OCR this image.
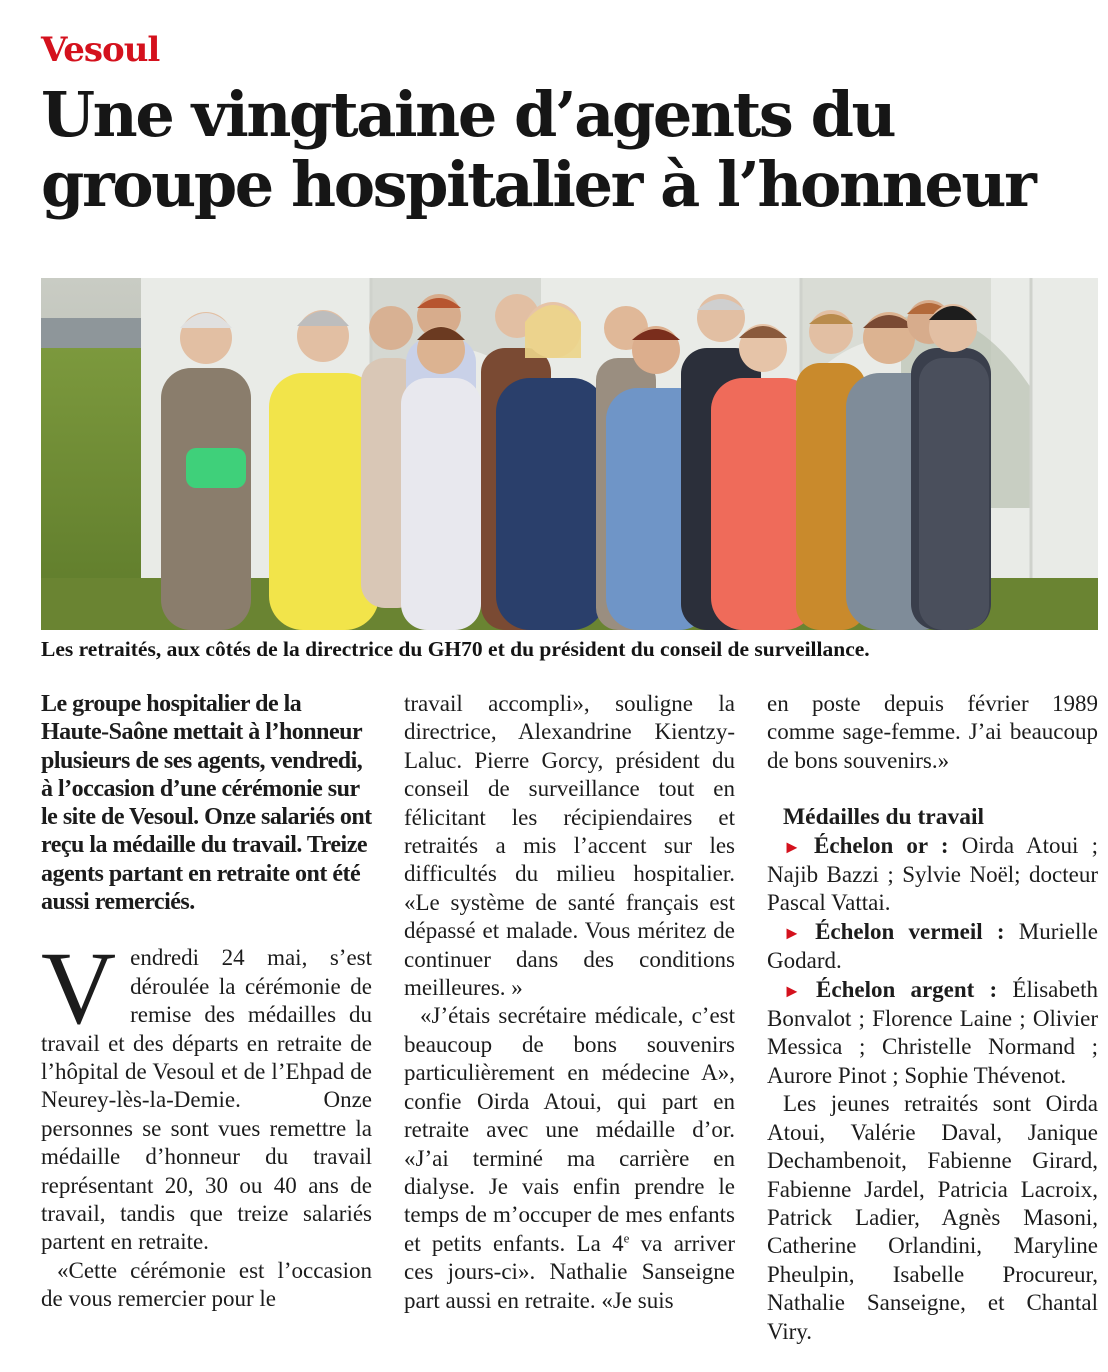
Vesoul
Une vingtaine d’agents du groupe hospitalier à l’honneur
Les retraités, aux côtés de la directrice du GH70 et du président du conseil de surveillance.

Le groupe hospitalier de la Haute-Saône mettait à l’honneur plusieurs de ses agents, vendredi, à l’occasion d’une cérémonie sur le site de Vesoul. Onze salariés ont reçu la médaille du travail. Treize agents partant en retraite ont été aussi remerciés.

Vendredi 24 mai, s’est déroulée la cérémonie de remise des médailles du travail et des départs en retraite de l’hôpital de Vesoul et de l’Ehpad de Neurey-lès-la-Demie. Onze personnes se sont vues remettre la médaille d’honneur du travail représentant 20, 30 ou 40 ans de travail, tandis que treize salariés partent en retraite.

«Cette cérémonie est l’occasion de vous remercier pour le

travail accompli», souligne la directrice, Alexandrine Kientzy-Laluc. Pierre Gorcy, président du conseil de surveillance tout en félicitant les récipiendaires et retraités a mis l’accent sur les difficultés du milieu hospitalier. «Le système de santé français est dépassé et malade. Vous méritez de continuer dans des conditions meilleures. »

«J’étais secrétaire médicale, c’est beaucoup de bons souvenirs particulièrement en médecine A», confie Oirda Atoui, qui part en retraite avec une médaille d’or. «J’ai terminé ma carrière en dialyse. Je vais enfin prendre le temps de m’occuper de mes enfants et petits enfants. La 4e va arriver ces jours-ci». Nathalie Sanseigne part aussi en retraite. «Je suis

en poste depuis février 1989 comme sage-femme. J’ai beaucoup de bons souvenirs.»

Médailles du travail

► Échelon or : Oirda Atoui ; Najib Bazzi ; Sylvie Noël; docteur Pascal Vattai.

► Échelon vermeil : Murielle Godard.

► Échelon argent : Élisabeth Bonvalot ; Florence Laine ; Olivier Messica ; Christelle Normand ; Aurore Pinot ; Sophie Thévenot.

Les jeunes retraités sont Oirda Atoui, Valérie Daval, Janique Dechambenoit, Fabienne Girard, Fabienne Jardel, Patricia Lacroix, Patrick Ladier, Agnès Masoni, Catherine Orlandini, Maryline Pheulpin, Isabelle Procureur, Nathalie Sanseigne, et Chantal Viry.
